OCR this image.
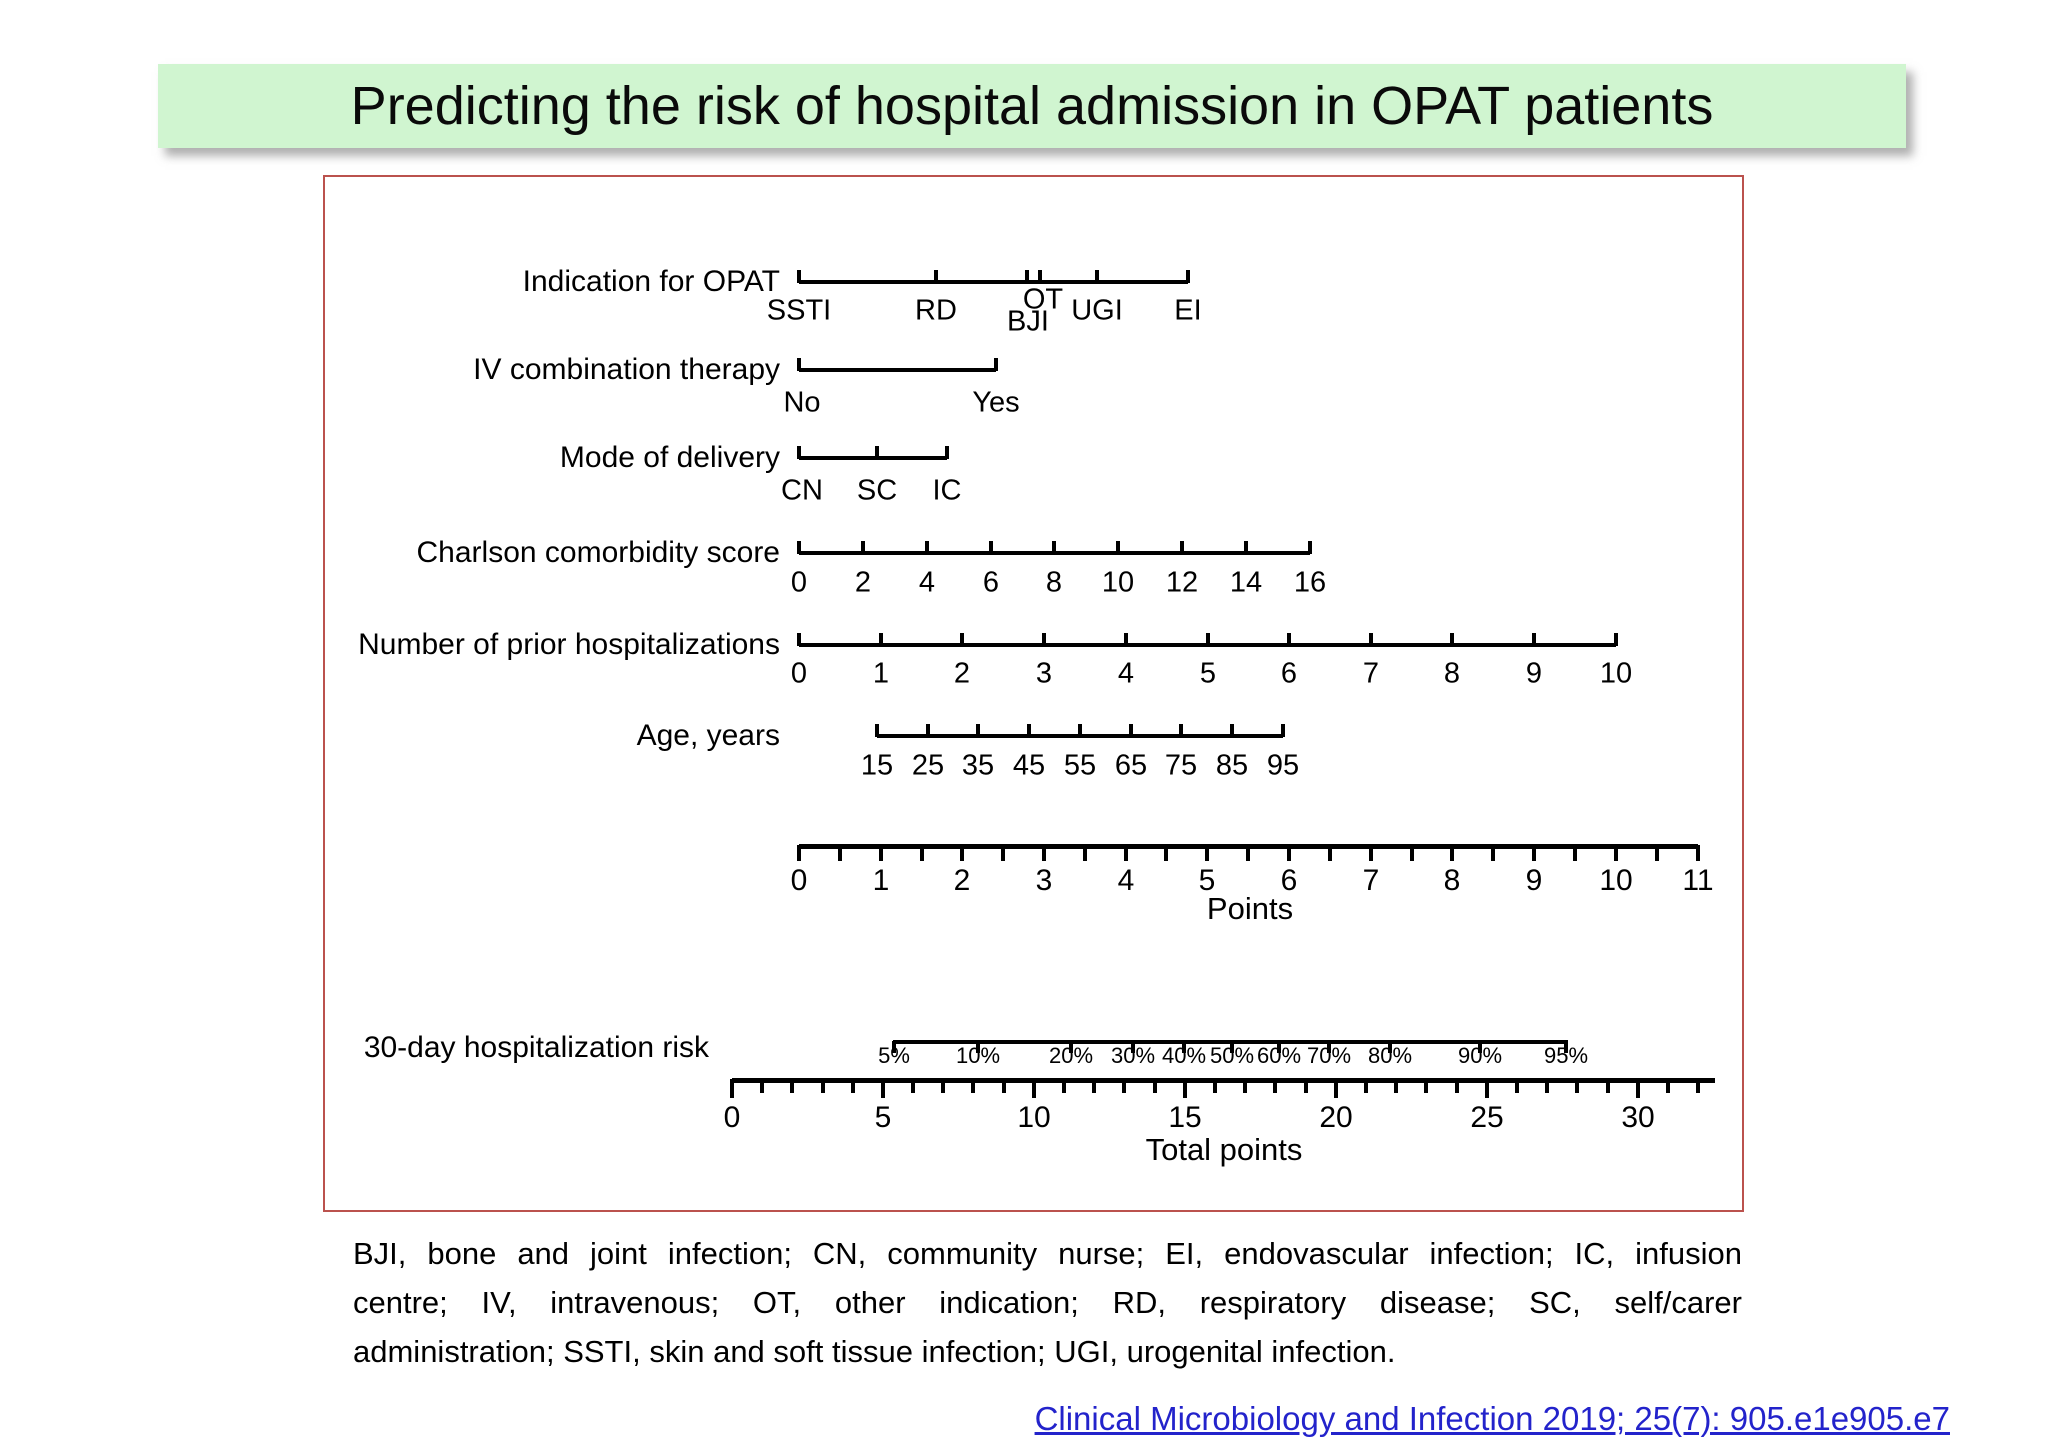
Predicting the risk of hospital admission in OPAT patients
BJI, bone and joint infection; CN, community nurse; EI, endovascular infection; IC, infusion
centre; IV, intravenous; OT, other indication; RD, respiratory disease; SC, self/carer
administration; SSTI, skin and soft tissue infection; UGI, urogenital infection.
Clinical Microbiology and Infection 2019; 25(7): 905.e1e905.e7
SSTI	RD BJI
OT UGI EI
Indication for OPAT
No	Yes
IV combination therapy
CN SC IC
Mode of delivery
0 2 4 6 8 10 12 14 16
Charlson comorbidity score
0 1 2 3 4 5 6 7 8 9 10
Number of prior hospitalizations
15 25 35 45 55 65 75 85 95
Age, years
0 1 2 3 4 5 6 7 8 9 10 11
Points
5% 10% 20% 30% 40% 50% 60% 70% 80% 90% 95%
30-day hospitalization risk
0	5	10	15	20	25	30
Total points
